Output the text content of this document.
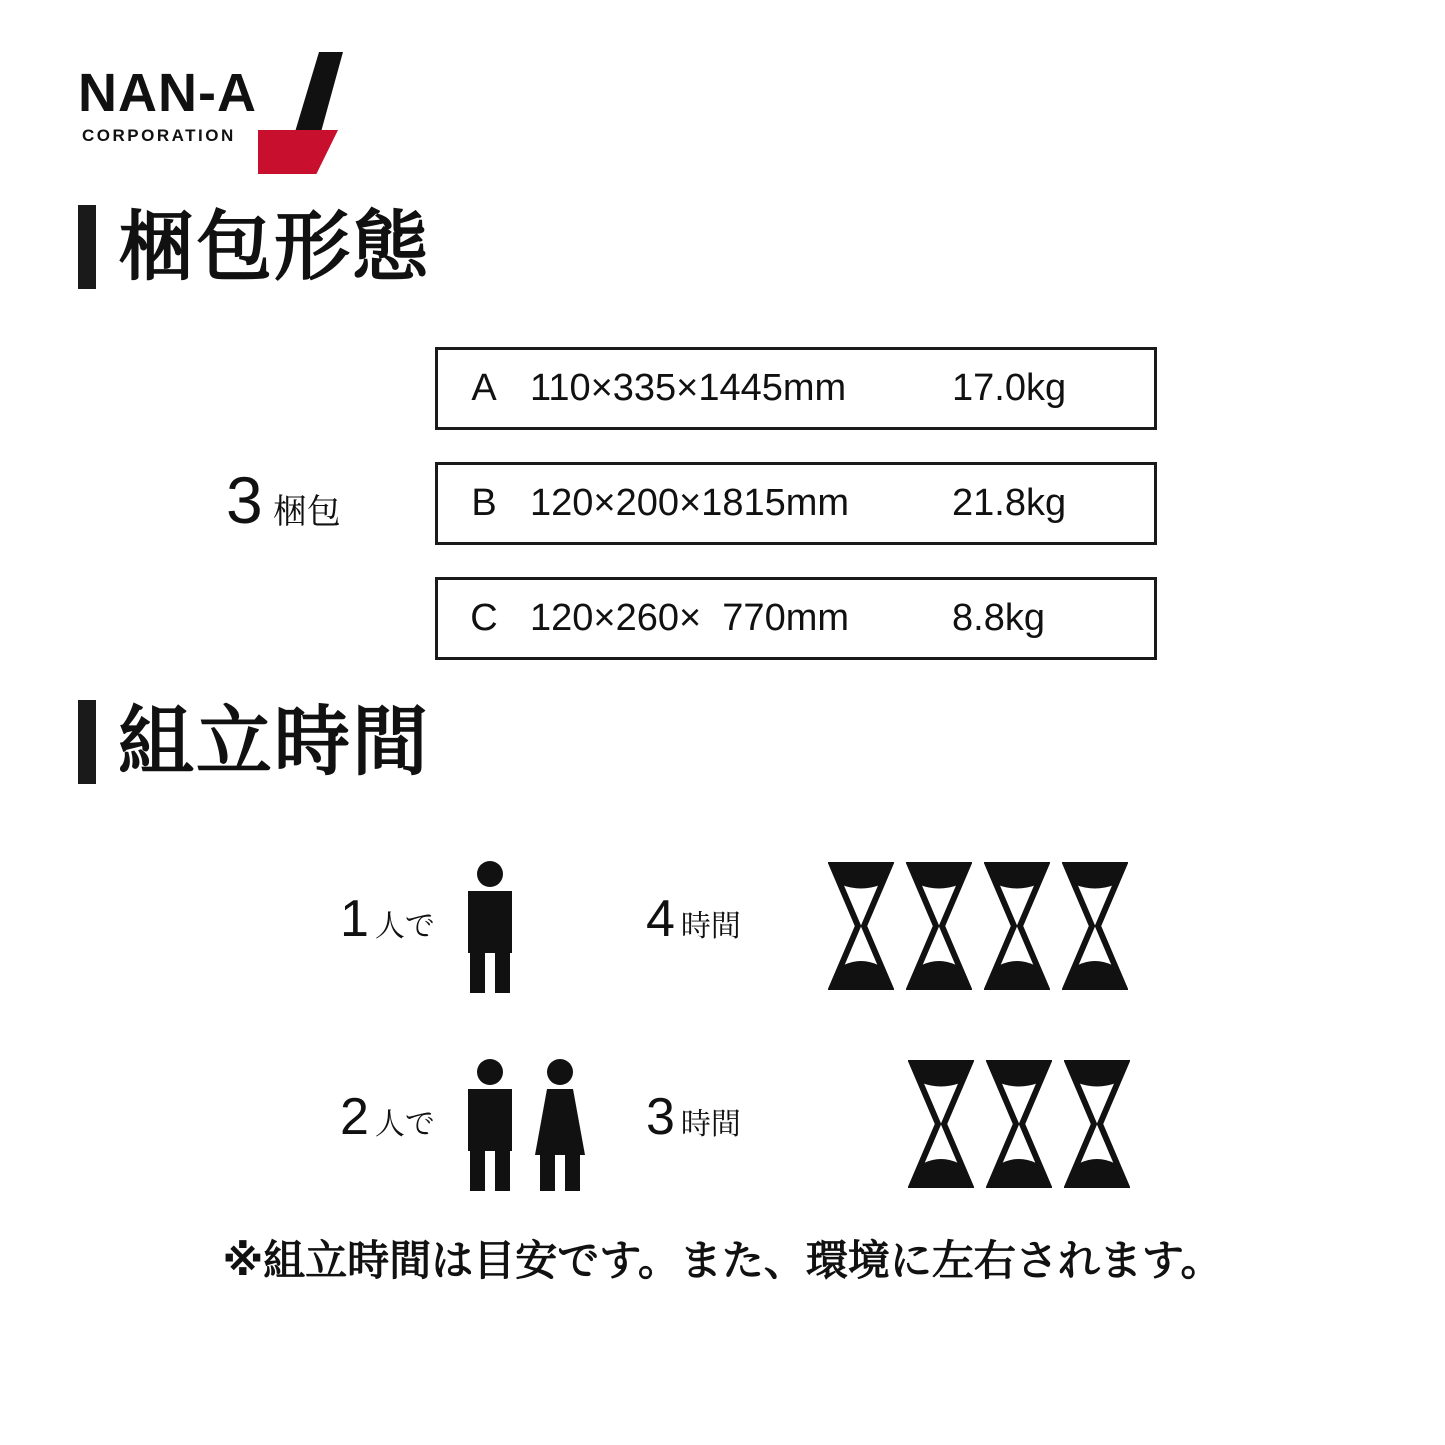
NAN-A
CORPORATION
梱包形態
3 梱包
A 110×335×1445mm	17.0kg
B 120×200×1815mm	21.8kg
C 120×260×  770mm	8.8kg
組立時間
1 人で	4 時間
2 人で	3 時間
※組立時間は目安です。また、環境に左右されます。
